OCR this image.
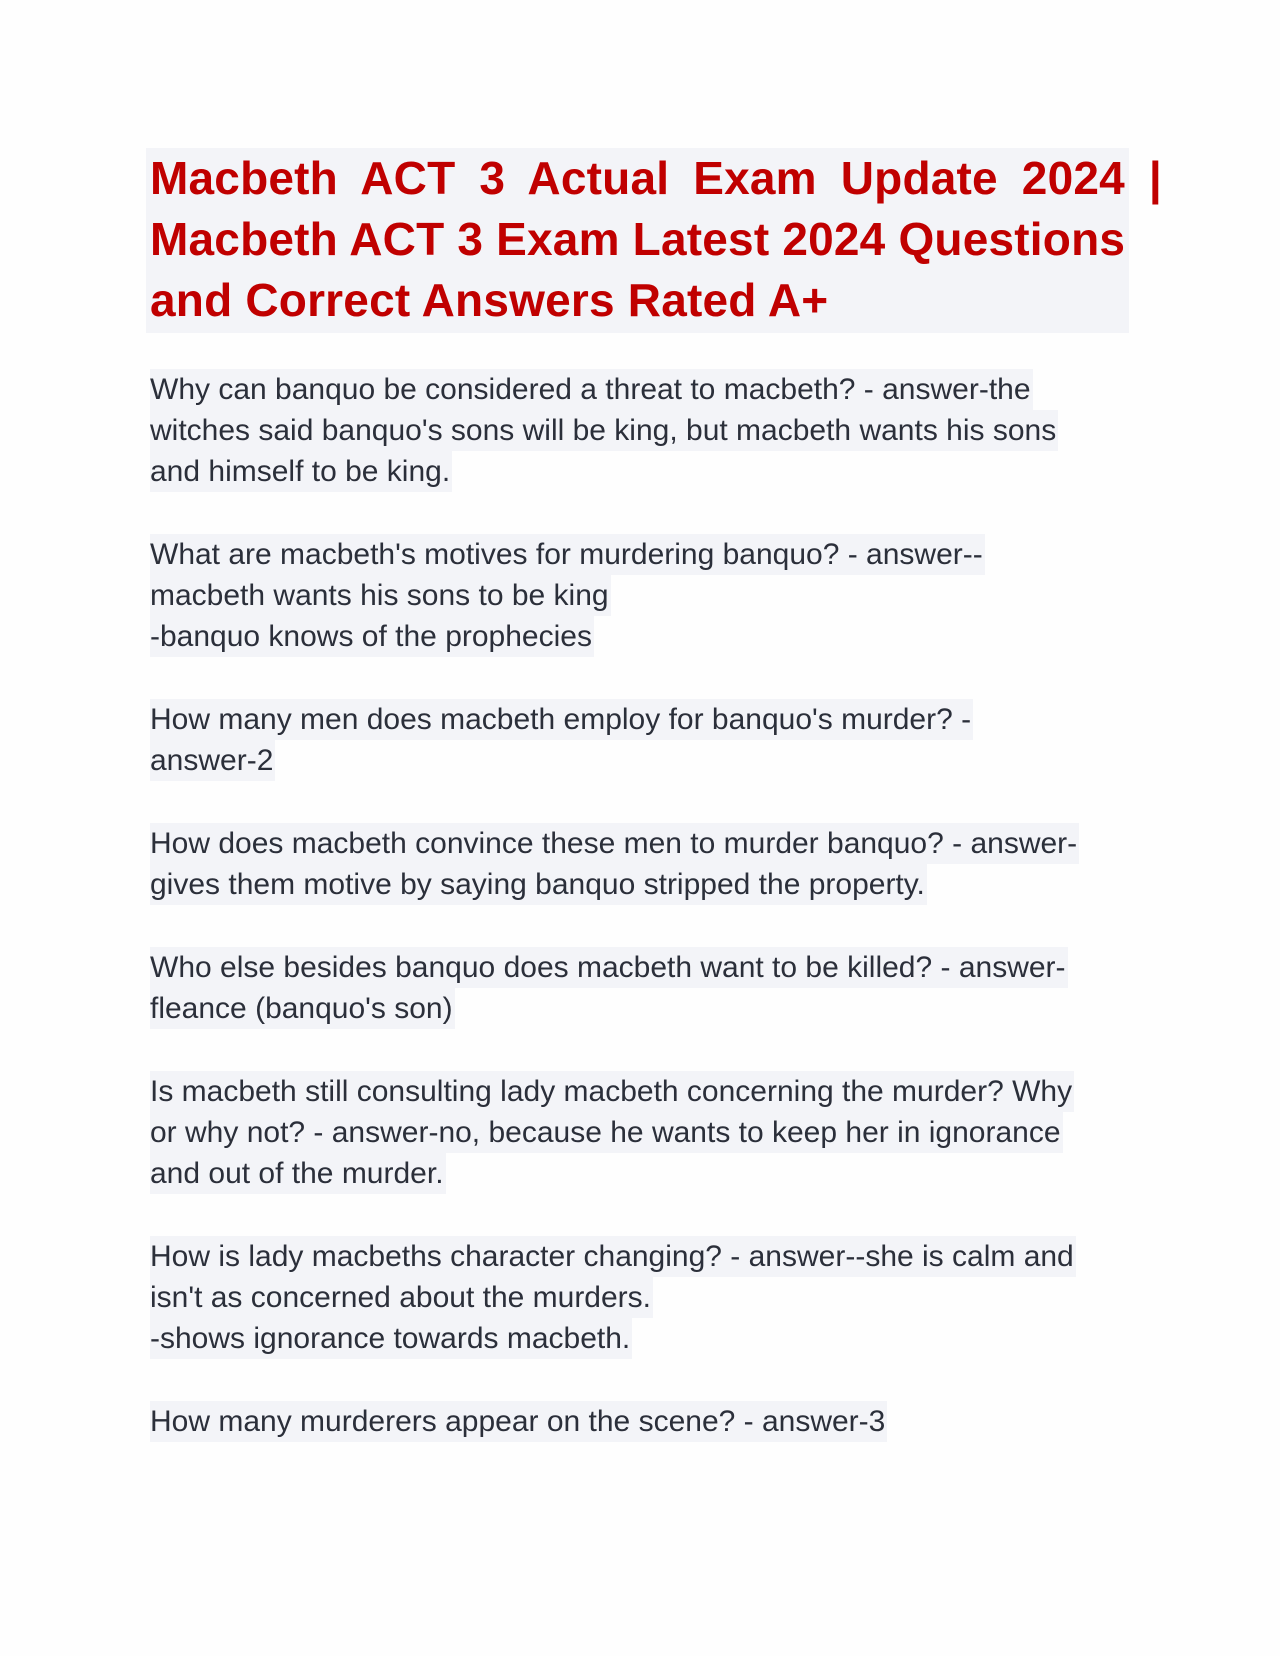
Macbeth ACT 3 Actual Exam Update 2024 |
Macbeth ACT 3 Exam Latest 2024 Questions
and Correct Answers Rated A+
Why can banquo be considered a threat to macbeth? - answer-the
witches said banquo's sons will be king, but macbeth wants his sons
and himself to be king.
What are macbeth's motives for murdering banquo? - answer--
macbeth wants his sons to be king
-banquo knows of the prophecies
How many men does macbeth employ for banquo's murder? -
answer-2
How does macbeth convince these men to murder banquo? - answer-
gives them motive by saying banquo stripped the property.
Who else besides banquo does macbeth want to be killed? - answer-
fleance (banquo's son)
Is macbeth still consulting lady macbeth concerning the murder? Why
or why not? - answer-no, because he wants to keep her in ignorance
and out of the murder.
How is lady macbeths character changing? - answer--she is calm and
isn't as concerned about the murders.
-shows ignorance towards macbeth.
How many murderers appear on the scene? - answer-3
